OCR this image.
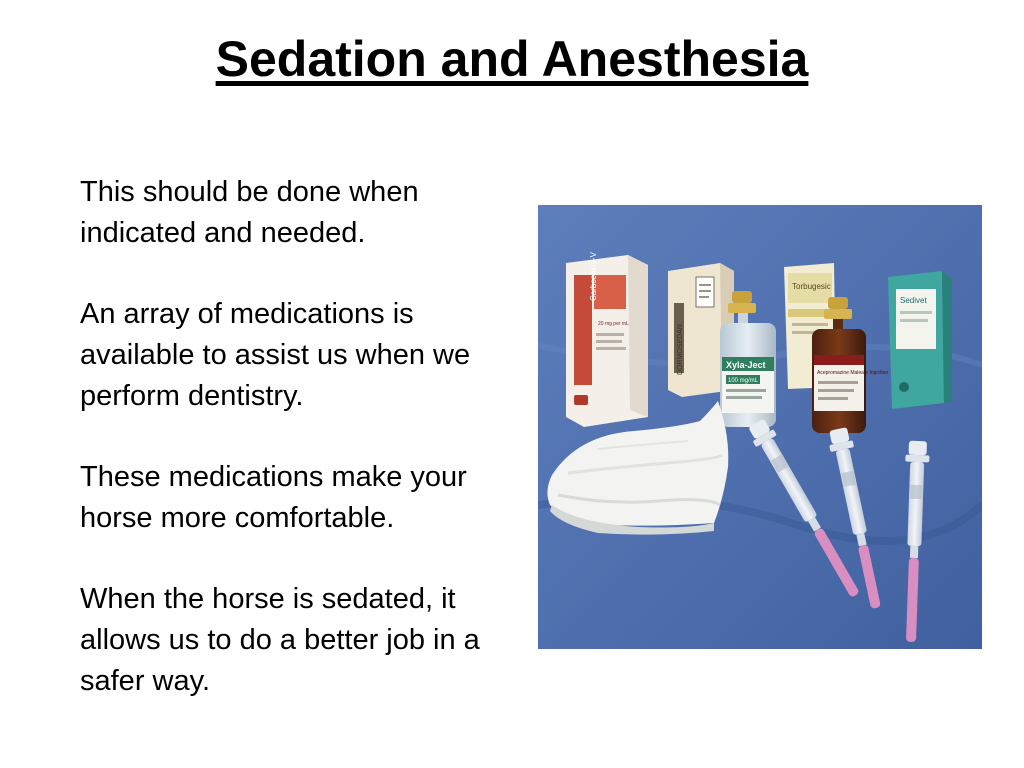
Sedation and Anesthesia

This should be done when indicated and needed.

An array of medications is available to assist us when we perform dentistry.

These medications make your horse more comfortable.

When the horse is sedated, it allows us to do a better job in a safer way.

Carbocaine-V
20 mg per mL
DORMOSEDAN
Torbugesic
Sedivet
Xyla-Ject
100 mg/mL
Acepromazine Maleate Injection
